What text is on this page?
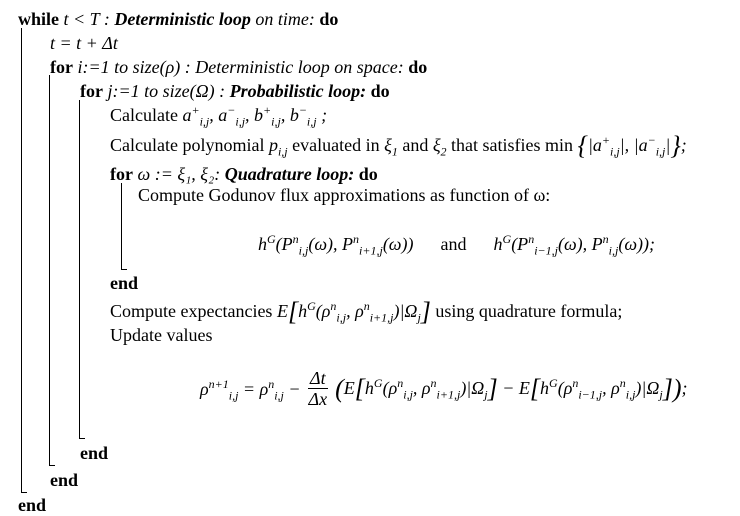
while t < T : Deterministic loop on time: do
t = t + Δt
for i:=1 to size(ρ) : Deterministic loop on space: do
for j:=1 to size(Ω) : Probabilistic loop: do
Calculate $a^+_{i,j}$, $a^-_{i,j}$, $b^+_{i,j}$, $b^-_{i,j}$ ;
Calculate polynomial $p_{i,j}$ evaluated in $\xi_1$ and $\xi_2$ that satisfies $\min \{|a^+_{i,j}|$, $|a^-_{i,j}|$};
for ω := ξ₁, ξ₂: Quadrature loop: do
Compute Godunov flux approximations as function of ω:
$h^G(P^n_{i,j}(\omega)$, $P^n_{i+1,j}(\omega)$) and $h^G(P^n_{i-1,j}(\omega)$, $P^n_{i,j}(\omega)$);
end
Compute expectancies $E[h^G(\rho^n_{i,j}$, $\rho^n_{i+1,j})|\Omega_j$] using quadrature formula;
Update values
$\rho^{n+1}_{i,j} = \rho^n_{i,j} - \frac{\Delta t}{\Delta x} (E[h^G(\rho^n_{i,j}$, $\rho^n_{i+1,j})|\Omega_j] - E[h^G(\rho^n_{i-1,j}$, $\rho^n_{i,j})|\Omega_j$]);
end
end
end
